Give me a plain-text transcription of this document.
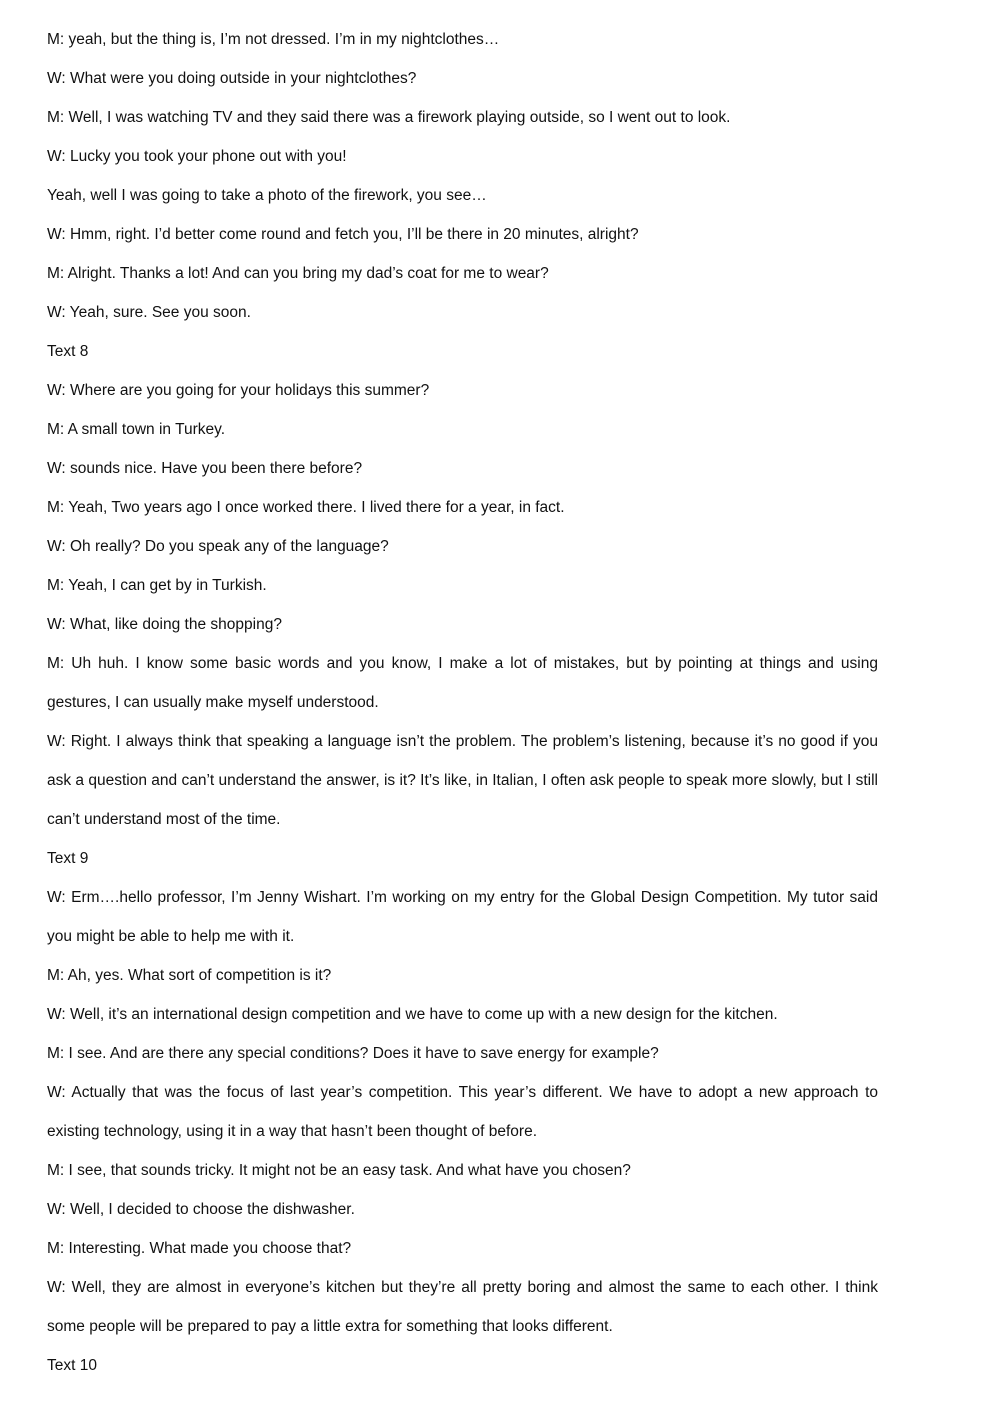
M: yeah, but the thing is, I’m not dressed. I’m in my nightclothes…

W: What were you doing outside in your nightclothes?

M: Well, I was watching TV and they said there was a firework playing outside, so I went out to look.

W: Lucky you took your phone out with you!

Yeah, well I was going to take a photo of the firework, you see…

W: Hmm, right. I’d better come round and fetch you, I’ll be there in 20 minutes, alright?

M: Alright. Thanks a lot! And can you bring my dad’s coat for me to wear?

W: Yeah, sure. See you soon.

Text 8

W: Where are you going for your holidays this summer?

M: A small town in Turkey.

W: sounds nice. Have you been there before?

M: Yeah, Two years ago I once worked there. I lived there for a year, in fact.

W: Oh really? Do you speak any of the language?

M: Yeah, I can get by in Turkish.

W: What, like doing the shopping?

M: Uh huh. I know some basic words and you know, I make a lot of mistakes, but by pointing at things and using gestures, I can usually make myself understood.

W: Right. I always think that speaking a language isn’t the problem. The problem’s listening, because it’s no good if you ask a question and can’t understand the answer, is it? It’s like, in Italian, I often ask people to speak more slowly, but I still can’t understand most of the time.

Text 9

W: Erm….hello professor, I’m Jenny Wishart. I’m working on my entry for the Global Design Competition. My tutor said you might be able to help me with it.

M: Ah, yes. What sort of competition is it?

W: Well, it’s an international design competition and we have to come up with a new design for the kitchen.

M: I see. And are there any special conditions? Does it have to save energy for example?

W: Actually that was the focus of last year’s competition. This year’s different. We have to adopt a new approach to existing technology, using it in a way that hasn’t been thought of before.

M: I see, that sounds tricky. It might not be an easy task. And what have you chosen?

W: Well, I decided to choose the dishwasher.

M: Interesting. What made you choose that?

W: Well, they are almost in everyone’s kitchen but they’re all pretty boring and almost the same to each other. I think some people will be prepared to pay a little extra for something that looks different.

Text 10
